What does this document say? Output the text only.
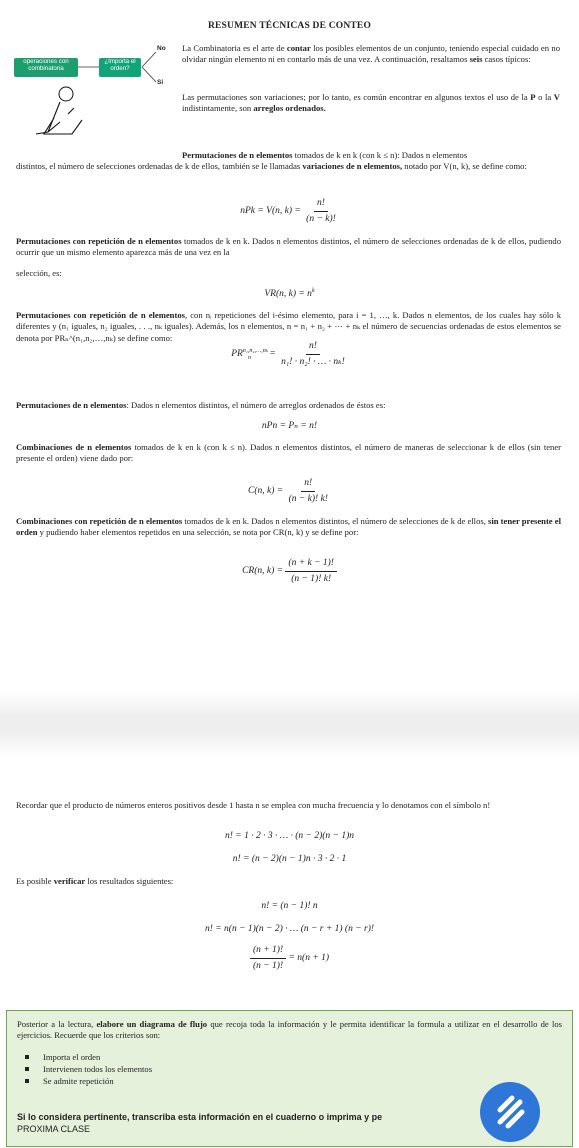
RESUMEN TÉCNICAS DE CONTEO
operaciones con combinatoria
¿Importa el orden?
No
Si
La Combinatoria es el arte de contar los posibles elementos de un conjunto, teniendo especial cuidado en no olvidar ningún elemento ni en contarlo más de una vez. A continuación, resaltamos seis casos típicos:
Las permutaciones son variaciones; por lo tanto, es común encontrar en algunos textos el uso de la P o la V indistintamente, son arreglos ordenados.
Permutaciones de n elementos tomados de k en k (con k ≤ n): Dados n elementos
distintos, el número de selecciones ordenadas de k de ellos, también se le llamadas variaciones de n elementos, notado por V(n, k), se define como:
nPk = V(n, $k) = \frac{n!}{(n - k)!}$
Permutaciones con repetición de n elementos tomados de k en k. Dados n elementos distintos, el número de selecciones ordenadas de k de ellos, pudiendo ocurrir que un mismo elemento aparezca más de una vez en la
selección, es:
VR(n, $k) = n^k$
Permutaciones con repetición de n elementos, con nᵢ repeticiones del i-ésimo elemento, para i = 1, …, k. Dados n elementos, de los cuales hay sólo k diferentes y (n₁ iguales, n₂ iguales, . . ., nₖ iguales). Además, los n elementos, n = n₁ + n₂ + ⋯ + nₖ el número de secuencias ordenadas de estos elementos se denota por PRₙ^(n₁,n₂,…,nₖ) se define como:
$PR^{n_1,n_2,\dots,n_k}_n = \frac{n!}{\text{n₁! · n₂! · … · nₖ!}}$
Permutaciones de n elementos: Dados n elementos distintos, el número de arreglos ordenados de éstos es:
nPn = Pₙ = n!
Combinaciones de n elementos tomados de k en k (con k ≤ n). Dados n elementos distintos, el número de maneras de seleccionar k de ellos (sin tener presente el orden) viene dado por:
C(n, $k) = \frac{n!}{(n - k)! k!}$
Combinaciones con repetición de n elementos tomados de k en k. Dados n elementos distintos, el número de selecciones de k de ellos, sin tener presente el orden y pudiendo haber elementos repetidos en una selección, se nota por CR(n, k) y se define por:
CR(n, $k) = \frac{(n + k - 1)!}{(n - 1)! k!}$
Recordar que el producto de números enteros positivos desde 1 hasta n se emplea con mucha frecuencia y lo denotamos con el símbolo n!
n! = 1 · 2 · 3 · … · (n − 2)(n − 1)n
n! = (n − 2)(n − 1)n · 3 · 2 · 1
Es posible verificar los resultados siguientes:
n! = (n − 1)! n
n! = n(n − 1)(n − 2) · … (n − r + 1) (n − r)!
$\frac{(n + 1)!}{(n - 1)!} = n(n + 1)$
Posterior a la lectura, elabore un diagrama de flujo que recoja toda la información y le permita identificar la formula a utilizar en el desarrollo de los ejercicios. Recuerde que los criterios son:
Importa el orden
Intervienen todos los elementos
Se admite repetición
Si lo considera pertinente, transcriba esta información en el cuaderno o imprima y pe
PROXIMA CLASE
